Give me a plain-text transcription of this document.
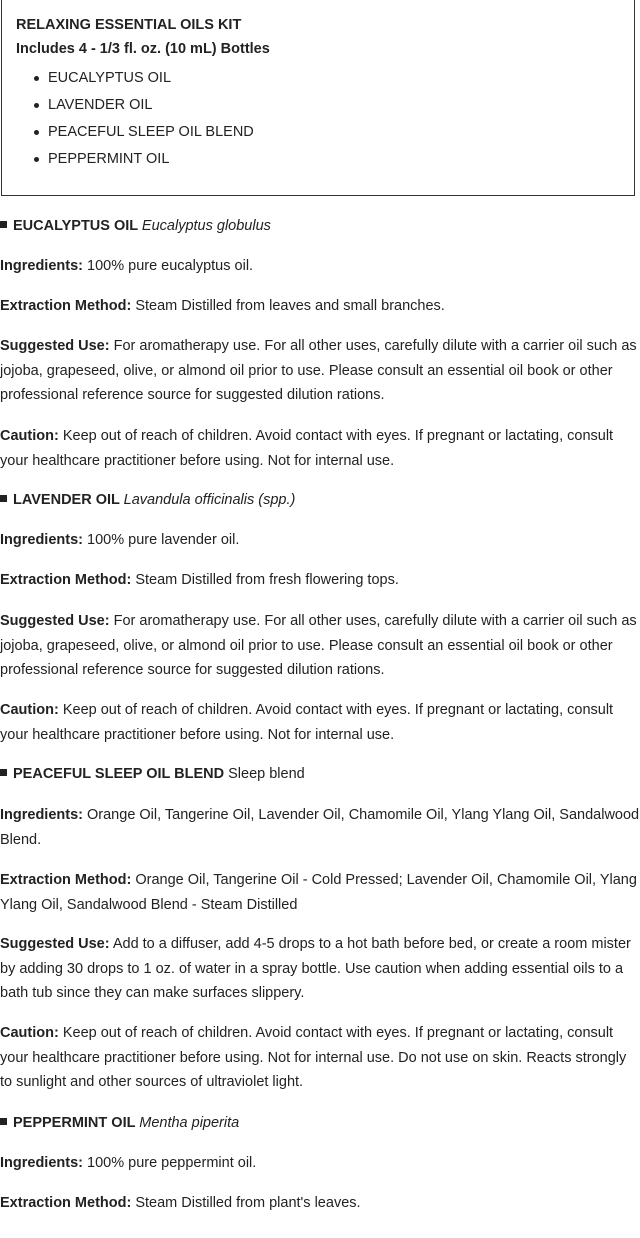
RELAXING ESSENTIAL OILS KIT
Includes 4 - 1/3 fl. oz. (10 mL) Bottles
EUCALYPTUS OIL
LAVENDER OIL
PEACEFUL SLEEP OIL BLEND
PEPPERMINT OIL
EUCALYPTUS OIL Eucalyptus globulus
Ingredients: 100% pure eucalyptus oil.
Extraction Method: Steam Distilled from leaves and small branches.
Suggested Use: For aromatherapy use. For all other uses, carefully dilute with a carrier oil such as jojoba, grapeseed, olive, or almond oil prior to use. Please consult an essential oil book or other professional reference source for suggested dilution rations.
Caution: Keep out of reach of children. Avoid contact with eyes. If pregnant or lactating, consult your healthcare practitioner before using. Not for internal use.
LAVENDER OIL Lavandula officinalis (spp.)
Ingredients: 100% pure lavender oil.
Extraction Method: Steam Distilled from fresh flowering tops.
Suggested Use: For aromatherapy use. For all other uses, carefully dilute with a carrier oil such as jojoba, grapeseed, olive, or almond oil prior to use. Please consult an essential oil book or other professional reference source for suggested dilution rations.
Caution: Keep out of reach of children. Avoid contact with eyes. If pregnant or lactating, consult your healthcare practitioner before using. Not for internal use.
PEACEFUL SLEEP OIL BLEND Sleep blend
Ingredients: Orange Oil, Tangerine Oil, Lavender Oil, Chamomile Oil, Ylang Ylang Oil, Sandalwood Blend.
Extraction Method: Orange Oil, Tangerine Oil - Cold Pressed; Lavender Oil, Chamomile Oil, Ylang Ylang Oil, Sandalwood Blend - Steam Distilled
Suggested Use: Add to a diffuser, add 4-5 drops to a hot bath before bed, or create a room mister by adding 30 drops to 1 oz. of water in a spray bottle. Use caution when adding essential oils to a bath tub since they can make surfaces slippery.
Caution: Keep out of reach of children. Avoid contact with eyes. If pregnant or lactating, consult your healthcare practitioner before using. Not for internal use. Do not use on skin. Reacts strongly to sunlight and other sources of ultraviolet light.
PEPPERMINT OIL Mentha piperita
Ingredients: 100% pure peppermint oil.
Extraction Method: Steam Distilled from plant's leaves.
